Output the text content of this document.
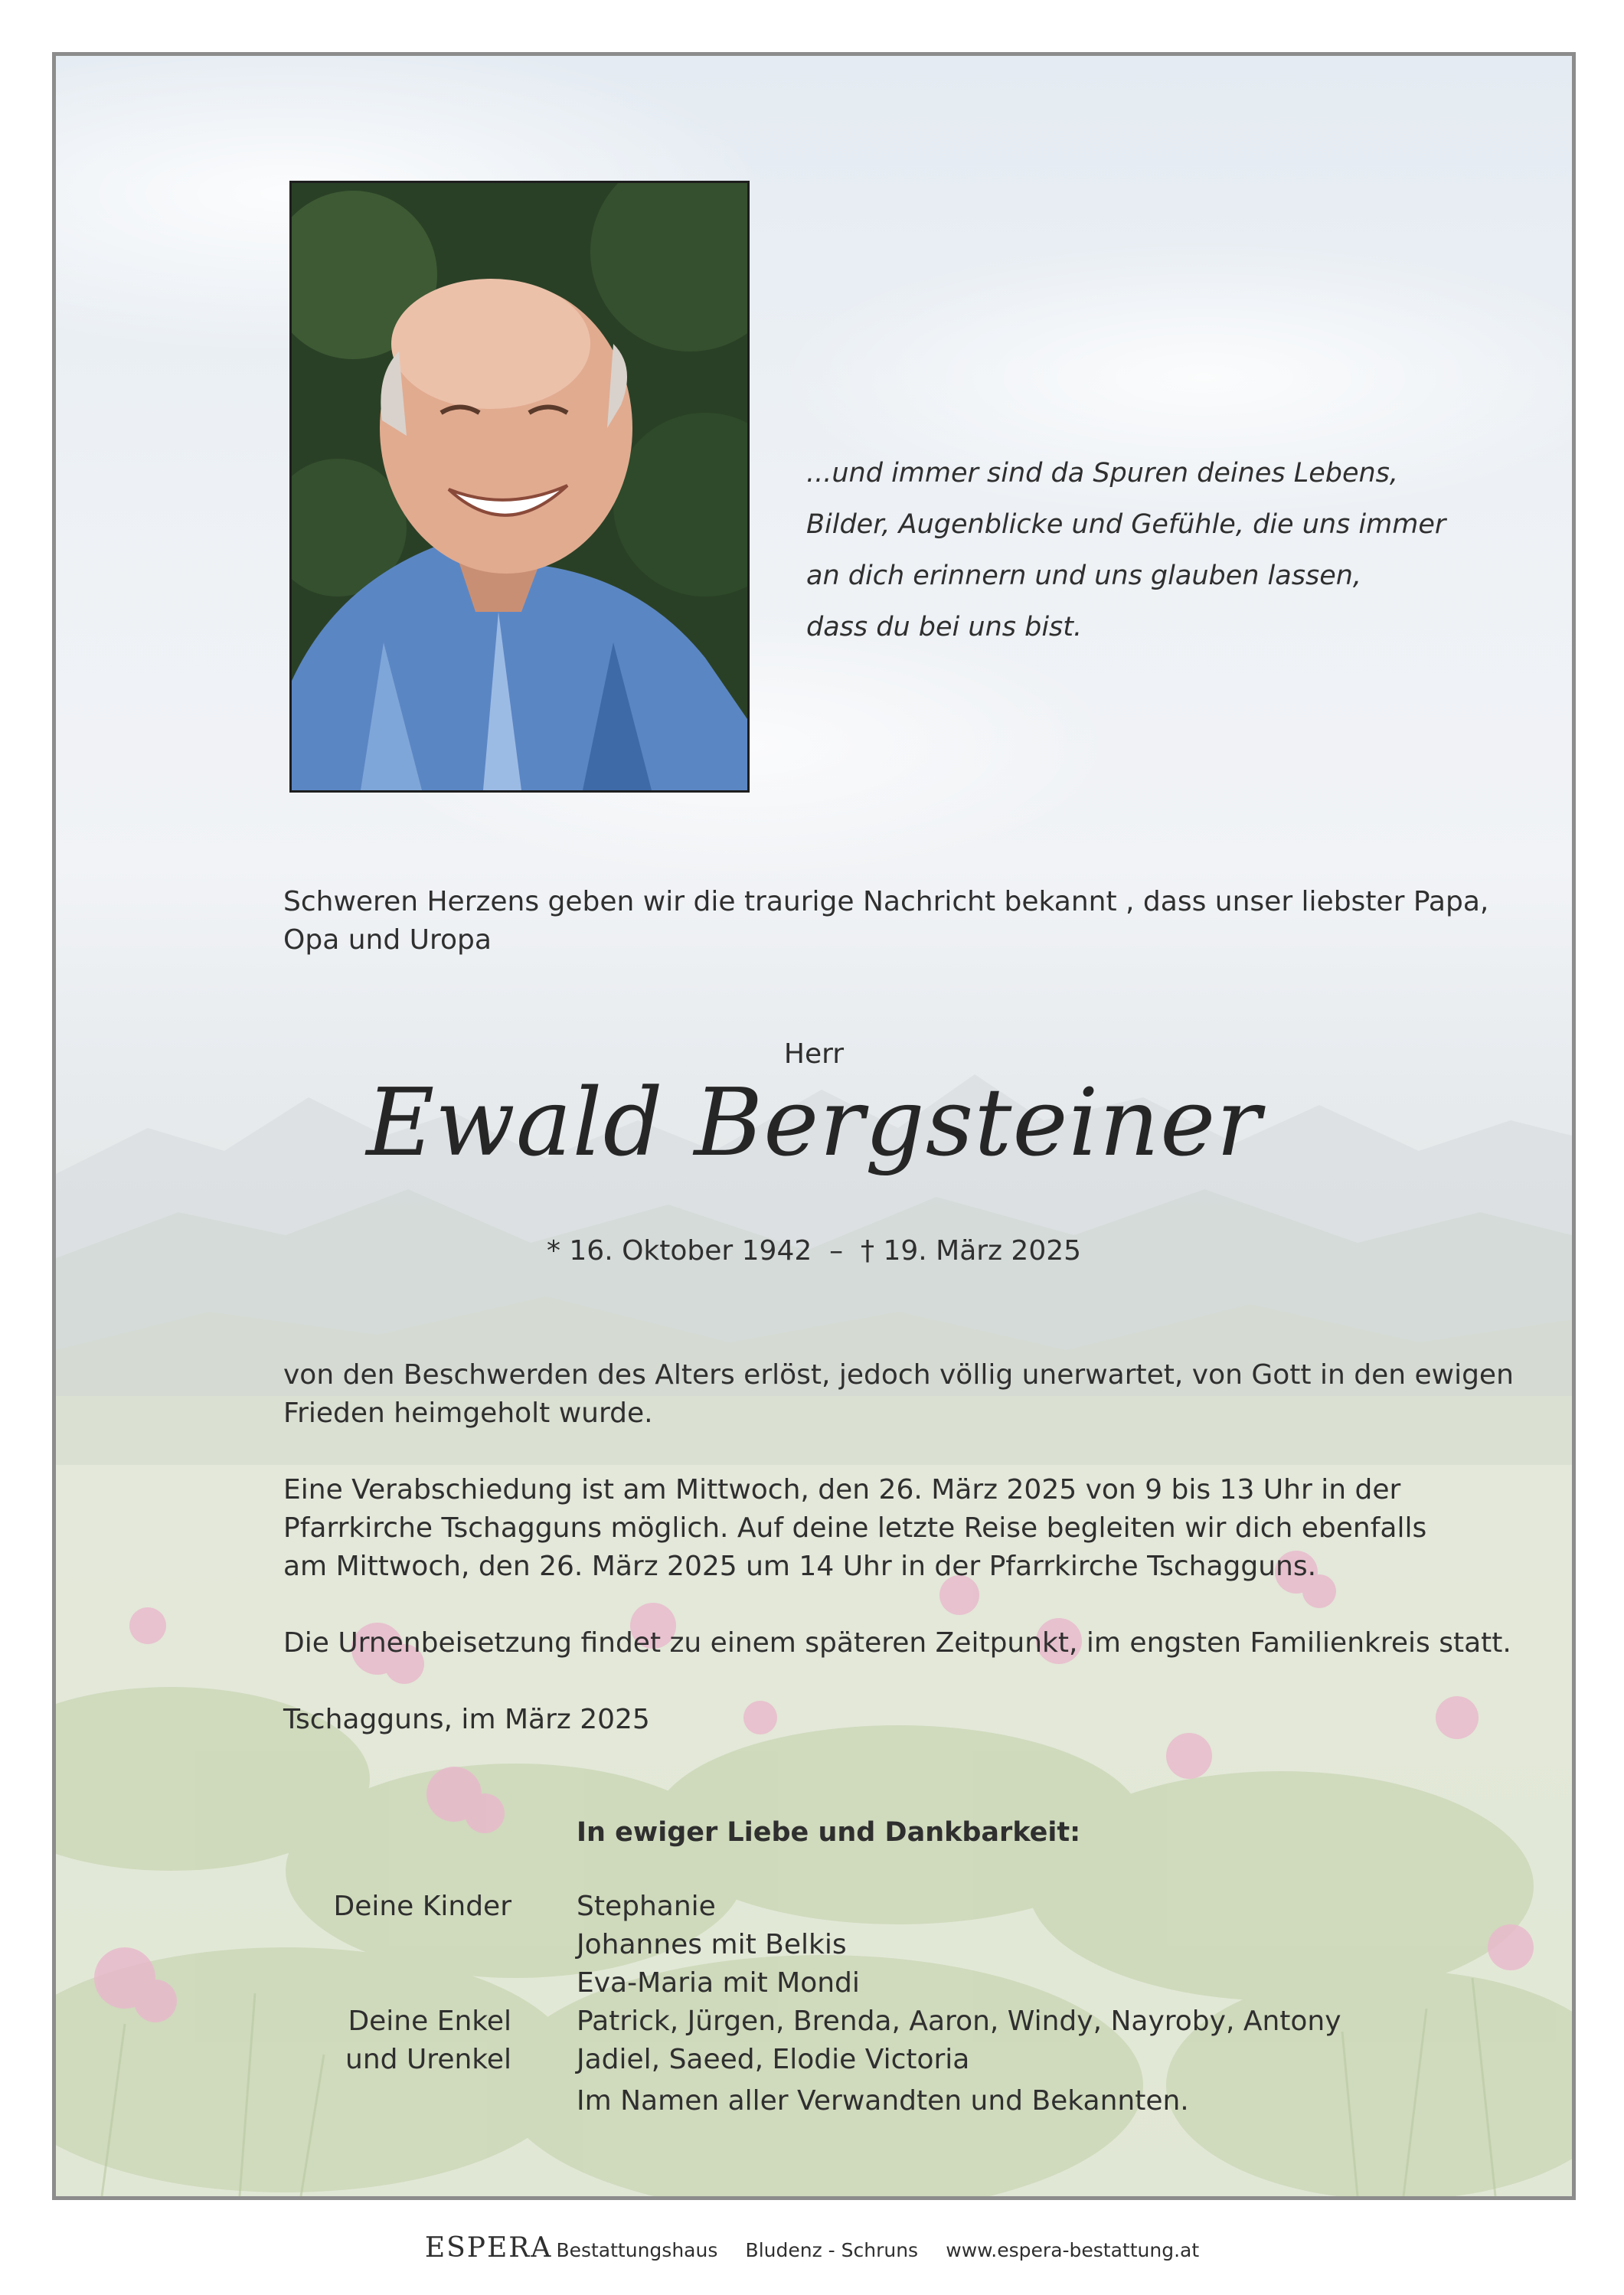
...und immer sind da Spuren deines Lebens,
Bilder, Augenblicke und Gefühle, die uns immer
an dich erinnern und uns glauben lassen,
dass du bei uns bist.
Schweren Herzens geben wir die traurige Nachricht bekannt , dass unser liebster Papa, Opa und Uropa
Herr
Ewald Bergsteiner
* 16. Oktober 1942  –  † 19. März 2025
von den Beschwerden des Alters erlöst, jedoch völlig unerwartet, von Gott in den ewigen
Frieden heimgeholt wurde.
Eine Verabschiedung ist am Mittwoch, den 26. März 2025 von 9 bis 13 Uhr in der
Pfarrkirche Tschagguns möglich. Auf deine letzte Reise begleiten wir dich ebenfalls
am Mittwoch, den 26. März 2025 um 14 Uhr in der Pfarrkirche Tschagguns.
Die Urnenbeisetzung findet zu einem späteren Zeitpunkt, im engsten Familienkreis statt.
Tschagguns, im März 2025
In ewiger Liebe und Dankbarkeit:
Deine Kinder Stephanie
Johannes mit Belkis
Eva-Maria mit Mondi
Deine Enkel Patrick, Jürgen, Brenda, Aaron, Windy, Nayroby, Antony
und Urenkel Jadiel, Saeed, Elodie Victoria
Im Namen aller Verwandten und Bekannten.
ESPERA Bestattungshaus Bludenz - Schruns www.espera-bestattung.at
